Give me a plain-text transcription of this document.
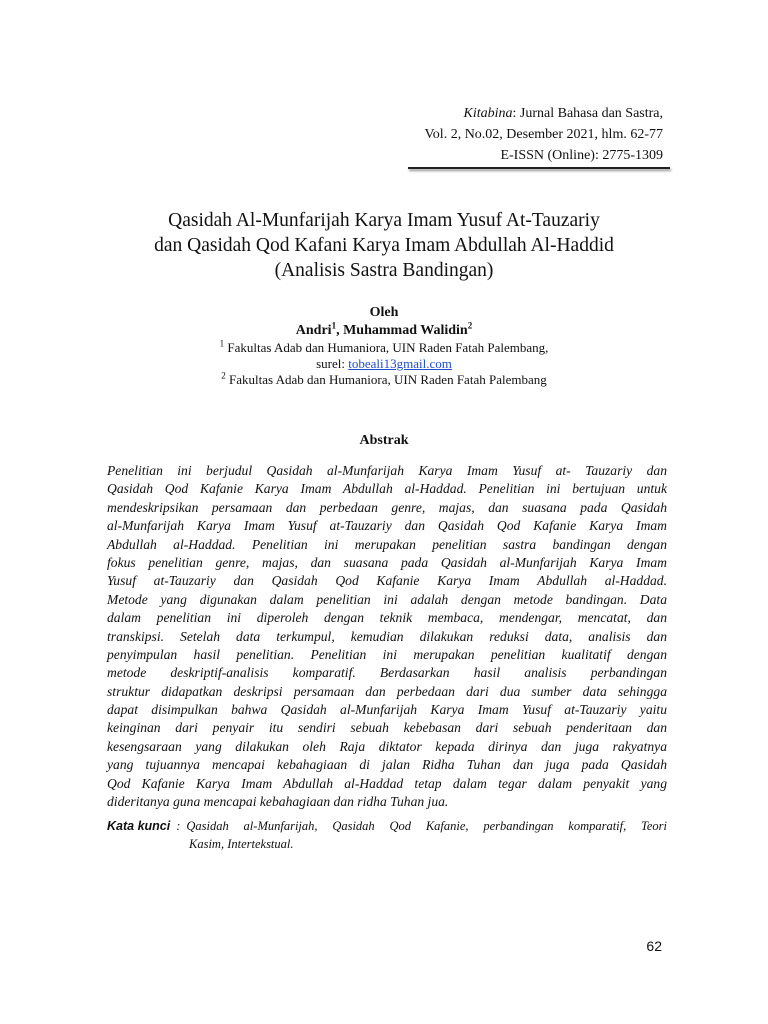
Kitabina: Jurnal Bahasa dan Sastra,
Vol. 2, No.02, Desember 2021, hlm. 62-77
E-ISSN (Online): 2775-1309
Qasidah Al-Munfarijah Karya Imam Yusuf At-Tauzariy
dan Qasidah Qod Kafani Karya Imam Abdullah Al-Haddid
(Analisis Sastra Bandingan)
Oleh
Andri$^1$, Muhammad Walidin$^2$
$^1$ Fakultas Adab dan Humaniora, UIN Raden Fatah Palembang,
surel: tobeali13gmail.com
$^2$ Fakultas Adab dan Humaniora, UIN Raden Fatah Palembang
Abstrak
Penelitian ini berjudul Qasidah al-Munfarijah Karya Imam Yusuf at- Tauzariy dan
Qasidah Qod Kafanie Karya Imam Abdullah al-Haddad. Penelitian ini bertujuan untuk
mendeskripsikan persamaan dan perbedaan genre, majas, dan suasana pada Qasidah
al-Munfarijah Karya Imam Yusuf at-Tauzariy dan Qasidah Qod Kafanie Karya Imam
Abdullah al-Haddad. Penelitian ini merupakan penelitian sastra bandingan dengan
fokus penelitian genre, majas, dan suasana pada Qasidah al-Munfarijah Karya Imam
Yusuf at-Tauzariy dan Qasidah Qod Kafanie Karya Imam Abdullah al-Haddad.
Metode yang digunakan dalam penelitian ini adalah dengan metode bandingan. Data
dalam penelitian ini diperoleh dengan teknik membaca, mendengar, mencatat, dan
transkipsi. Setelah data terkumpul, kemudian dilakukan reduksi data, analisis dan
penyimpulan hasil penelitian. Penelitian ini merupakan penelitian kualitatif dengan
metode deskriptif-analisis komparatif. Berdasarkan hasil analisis perbandingan
struktur didapatkan deskripsi persamaan dan perbedaan dari dua sumber data sehingga
dapat disimpulkan bahwa Qasidah al-Munfarijah Karya Imam Yusuf at-Tauzariy yaitu
keinginan dari penyair itu sendiri sebuah kebebasan dari sebuah penderitaan dan
kesengsaraan yang dilakukan oleh Raja diktator kepada dirinya dan juga rakyatnya
yang tujuannya mencapai kebahagiaan di jalan Ridha Tuhan dan juga pada Qasidah
Qod Kafanie Karya Imam Abdullah al-Haddad tetap dalam tegar dalam penyakit yang
dideritanya guna mencapai kebahagiaan dan ridha Tuhan jua.
Kata kunci : Qasidah al-Munfarijah, Qasidah Qod Kafanie, perbandingan komparatif, Teori
Kasim, Intertekstual.
62
